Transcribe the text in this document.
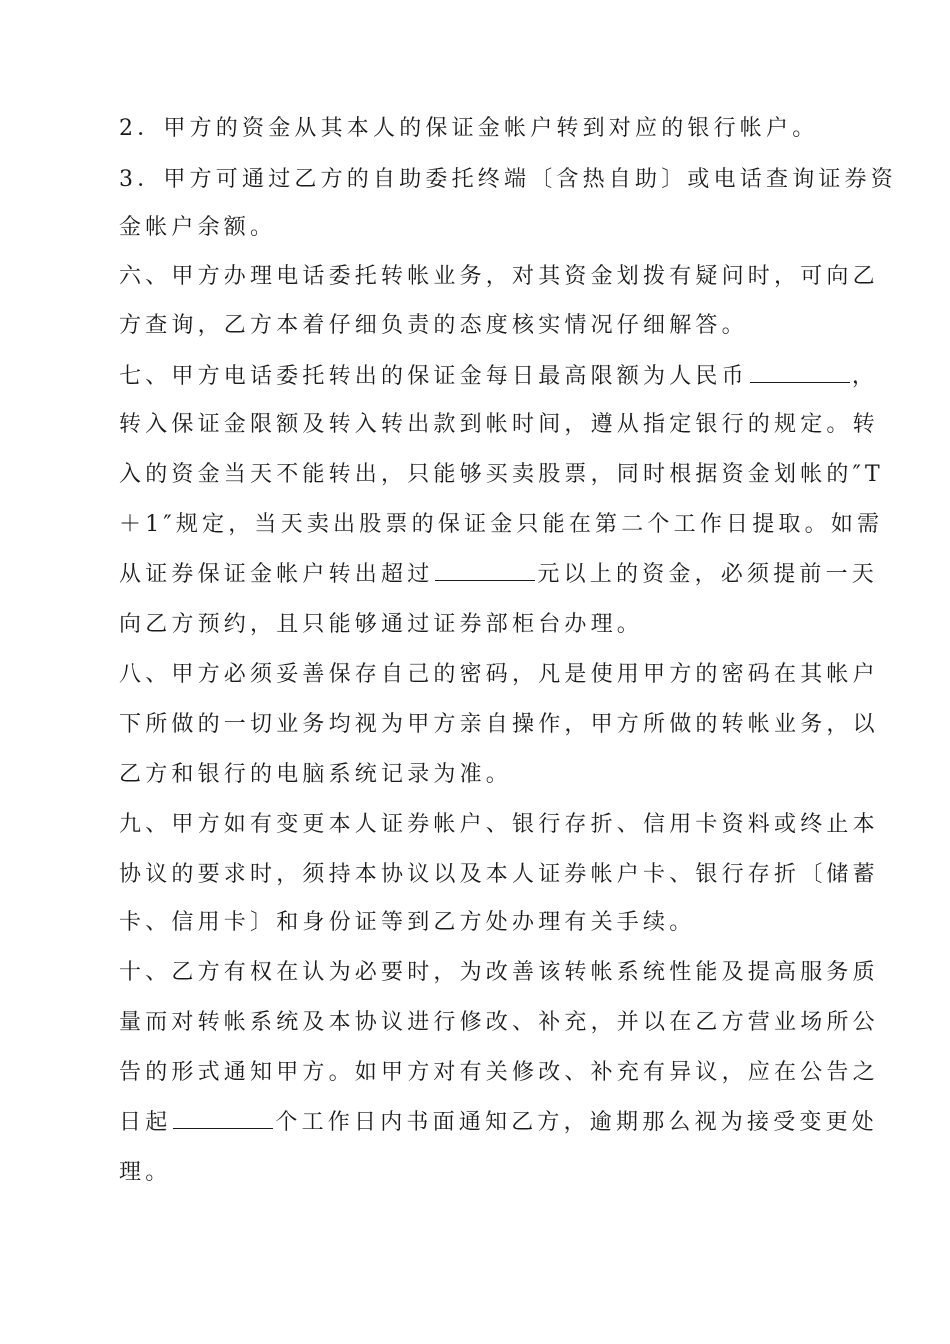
2．甲方的资金从其本人的保证金帐户转到对应的银行帐户。
3．甲方可通过乙方的自助委托终端〔含热自助〕或电话查询证券资
金帐户余额。
六、甲方办理电话委托转帐业务，对其资金划拨有疑问时，可向乙
方查询，乙方本着仔细负责的态度核实情况仔细解答。
七、甲方电话委托转出的保证金每日最高限额为人民币	，
转入保证金限额及转入转出款到帐时间，遵从指定银行的规定。转
入的资金当天不能转出，只能够买卖股票，同时根据资金划帐的″T
＋1″规定，当天卖出股票的保证金只能在第二个工作日提取。如需
从证券保证金帐户转出超过	元以上的资金，必须提前一天
向乙方预约，且只能够通过证券部柜台办理。
八、甲方必须妥善保存自己的密码，凡是使用甲方的密码在其帐户
下所做的一切业务均视为甲方亲自操作，甲方所做的转帐业务，以
乙方和银行的电脑系统记录为准。
九、甲方如有变更本人证券帐户、银行存折、信用卡资料或终止本
协议的要求时，须持本协议以及本人证券帐户卡、银行存折〔储蓄
卡、信用卡〕和身份证等到乙方处办理有关手续。
十、乙方有权在认为必要时，为改善该转帐系统性能及提高服务质
量而对转帐系统及本协议进行修改、补充，并以在乙方营业场所公
告的形式通知甲方。如甲方对有关修改、补充有异议，应在公告之
日起	个工作日内书面通知乙方，逾期那么视为接受变更处
理。
